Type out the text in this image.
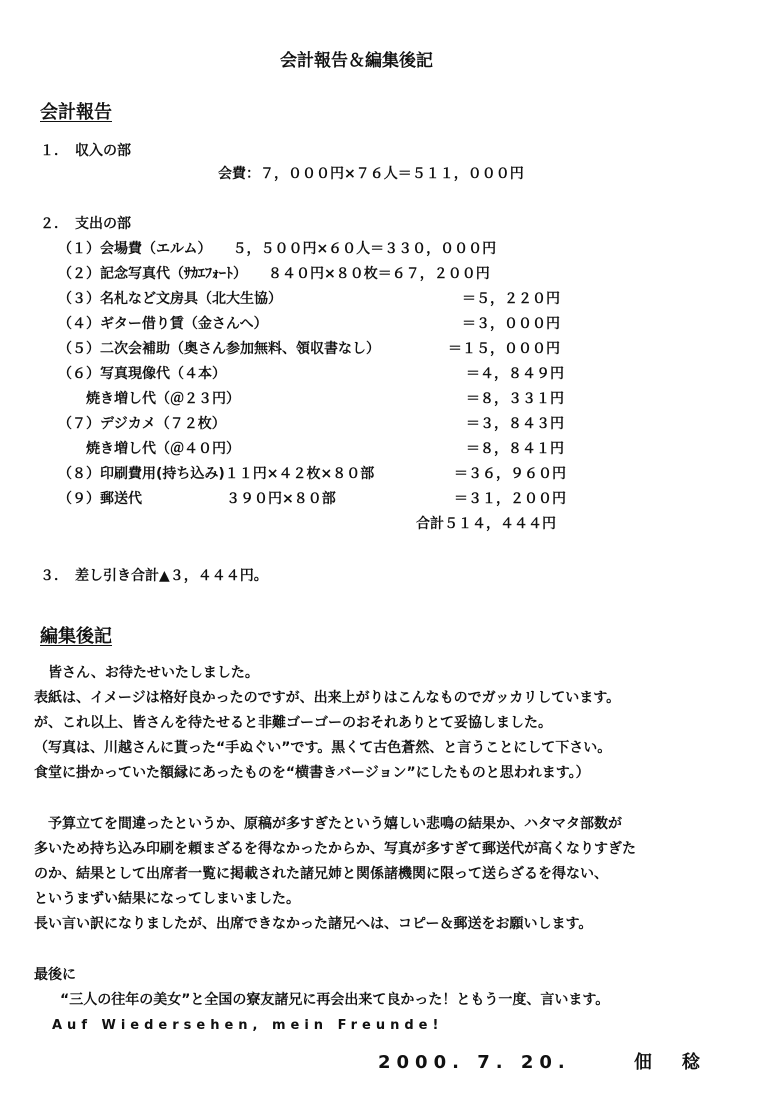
会計報告＆編集後記
会計報告
１．　収入の部
会費：７，０００円×７６人＝５１１，０００円
２．　支出の部
（１）会場費（エルム）　　５，５００円×６０人＝３３０，０００円
（２）記念写真代（ｻｶｴﾌｫｰﾄ）　　８４０円×８０枚＝６７，２００円
（３）名札など文房具（北大生協）	＝５，２２０円
（４）ギター借り賃（金さんへ）	＝３，０００円
（５）二次会補助（奥さん参加無料、領収書なし）	＝１５，０００円
（６）写真現像代（４本）	＝４，８４９円
　　焼き増し代（＠２３円）	＝８，３３１円
（７）デジカメ（７２枚）	＝３，８４３円
　　焼き増し代（＠４０円）	＝８，８４１円
（８）印刷費用(持ち込み)１１円×４２枚×８０部	＝３６，９６０円
（９）郵送代　　　　　　３９０円×８０部	＝３１，２００円
合計５１４，４４４円
３．　差し引き合計▲３，４４４円。
編集後記
　皆さん、お待たせいたしました。
表紙は、イメージは格好良かったのですが、出来上がりはこんなものでガッカリしています。
が、これ以上、皆さんを待たせると非難ゴーゴーのおそれありとて妥協しました。
（写真は、川越さんに貰った“手ぬぐい”です。黒くて古色蒼然、と言うことにして下さい。
食堂に掛かっていた額縁にあったものを“横書きバージョン”にしたものと思われます。）
　予算立てを間違ったというか、原稿が多すぎたという嬉しい悲鳴の結果か、ハタマタ部数が
多いため持ち込み印刷を頼まざるを得なかったからか、写真が多すぎて郵送代が高くなりすぎた
のか、結果として出席者一覧に掲載された諸兄姉と関係諸機関に限って送らざるを得ない、
というまずい結果になってしまいました。
長い言い訳になりましたが、出席できなかった諸兄へは、コピー＆郵送をお願いします。
最後に
“三人の往年の美女”と全国の寮友諸兄に再会出来て良かった！ともう一度、言います。
Auf Wiedersehen, mein Freunde!
2000. 7. 20.	佃　稔
